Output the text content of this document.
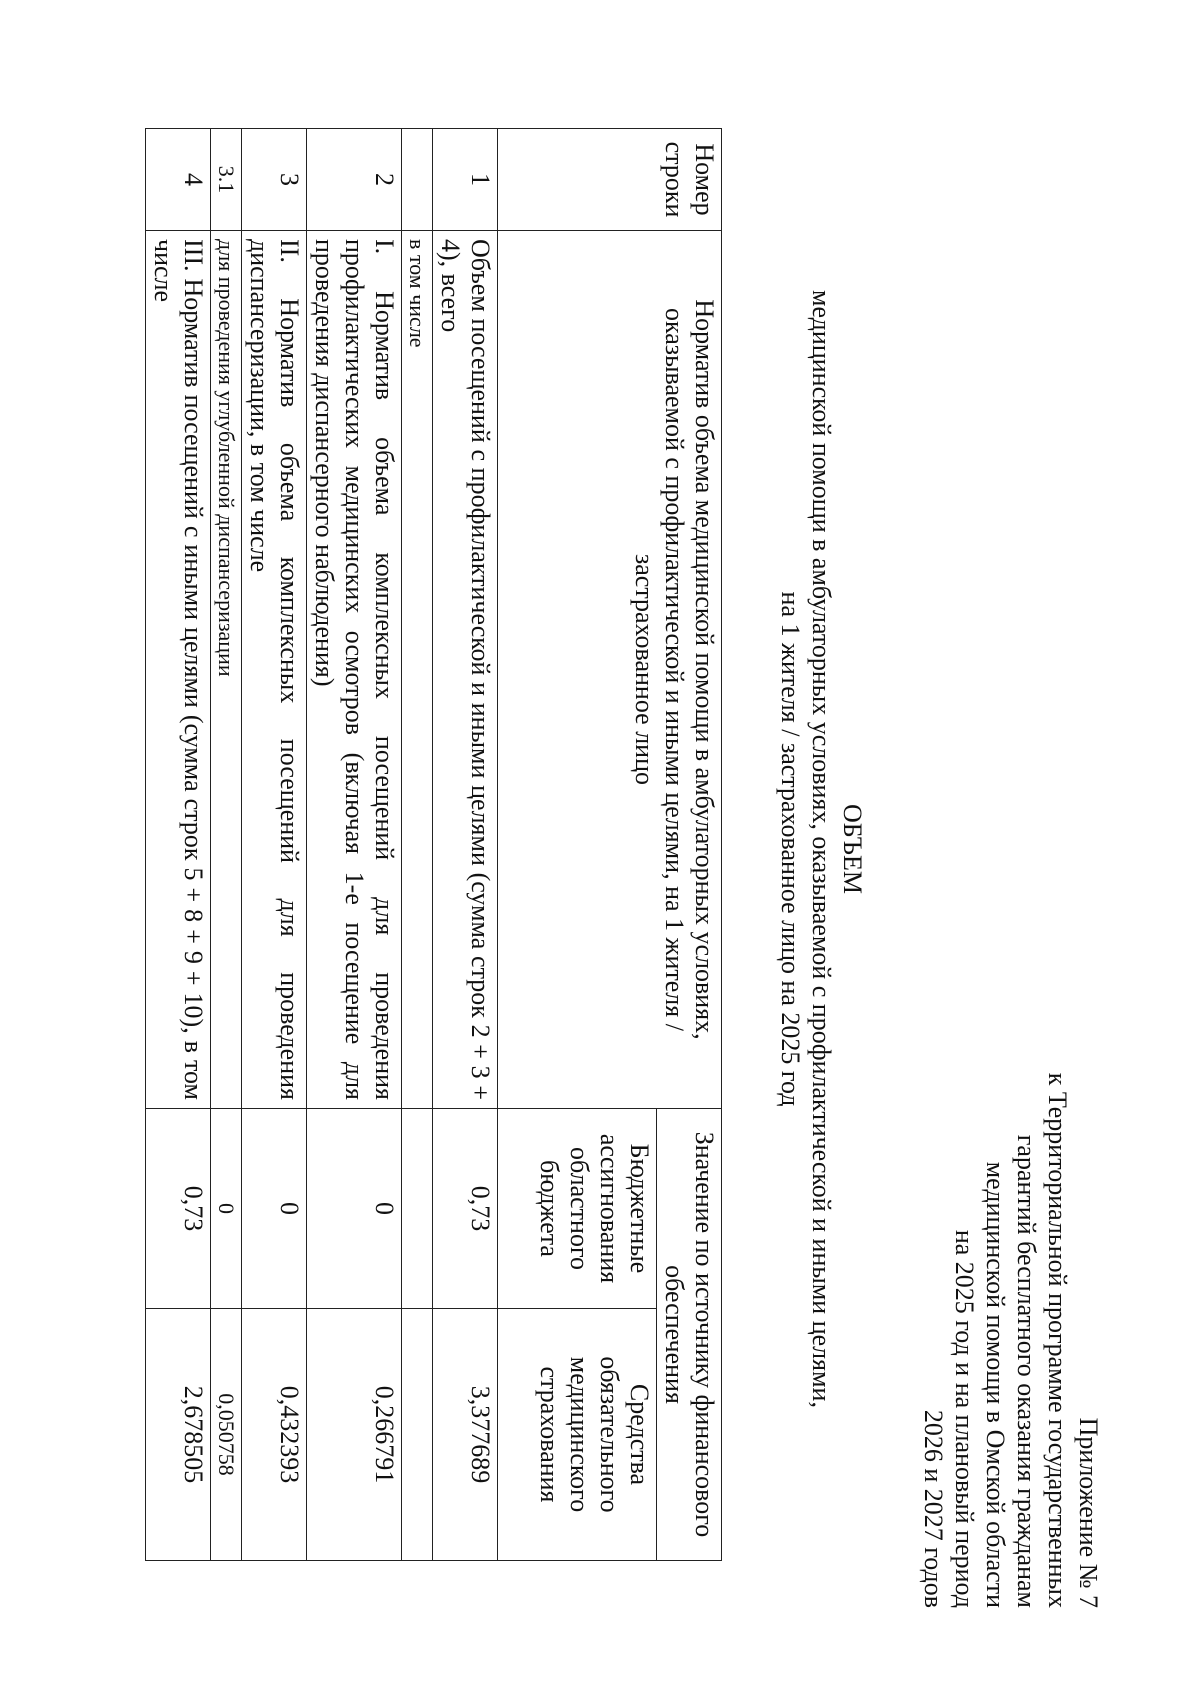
Приложение № 7
к Территориальной программе государственных
гарантий бесплатного оказания гражданам
медицинской помощи в Омской области
на 2025 год и на плановый период
2026 и 2027 годов
ОБЪЕМ
медицинской помощи в амбулаторных условиях, оказываемой с профилактической и иными целями,
на 1 жителя / застрахованное лицо на 2025 год
Номер строки	Норматив объема медицинской помощи в амбулаторных условиях, оказываемой с профилактической и иными целями, на 1 жителя / застрахованное лицо	Значение по источнику финансового обеспечения	
		Бюджетные ассигнования областного бюджета	Средства обязательного медицинского страхования
1	Объем посещений с профилактической и иными целями (сумма строк 2 + 3 + 4), всего	0,73	3,377689
	в том числе		
2	I. Норматив объема комплексных посещений для проведения профилактических медицинских осмотров (включая 1-е посещение для проведения диспансерного наблюдения)	0	0,266791
3	II. Норматив объема комплексных посещений для проведения диспансеризации, в том числе	0	0,432393
3.1	для проведения углубленной диспансеризации	0	0,050758
4	III. Норматив посещений с иными целями (сумма строк 5 + 8 + 9 + 10), в том числе	0,73	2,678505
